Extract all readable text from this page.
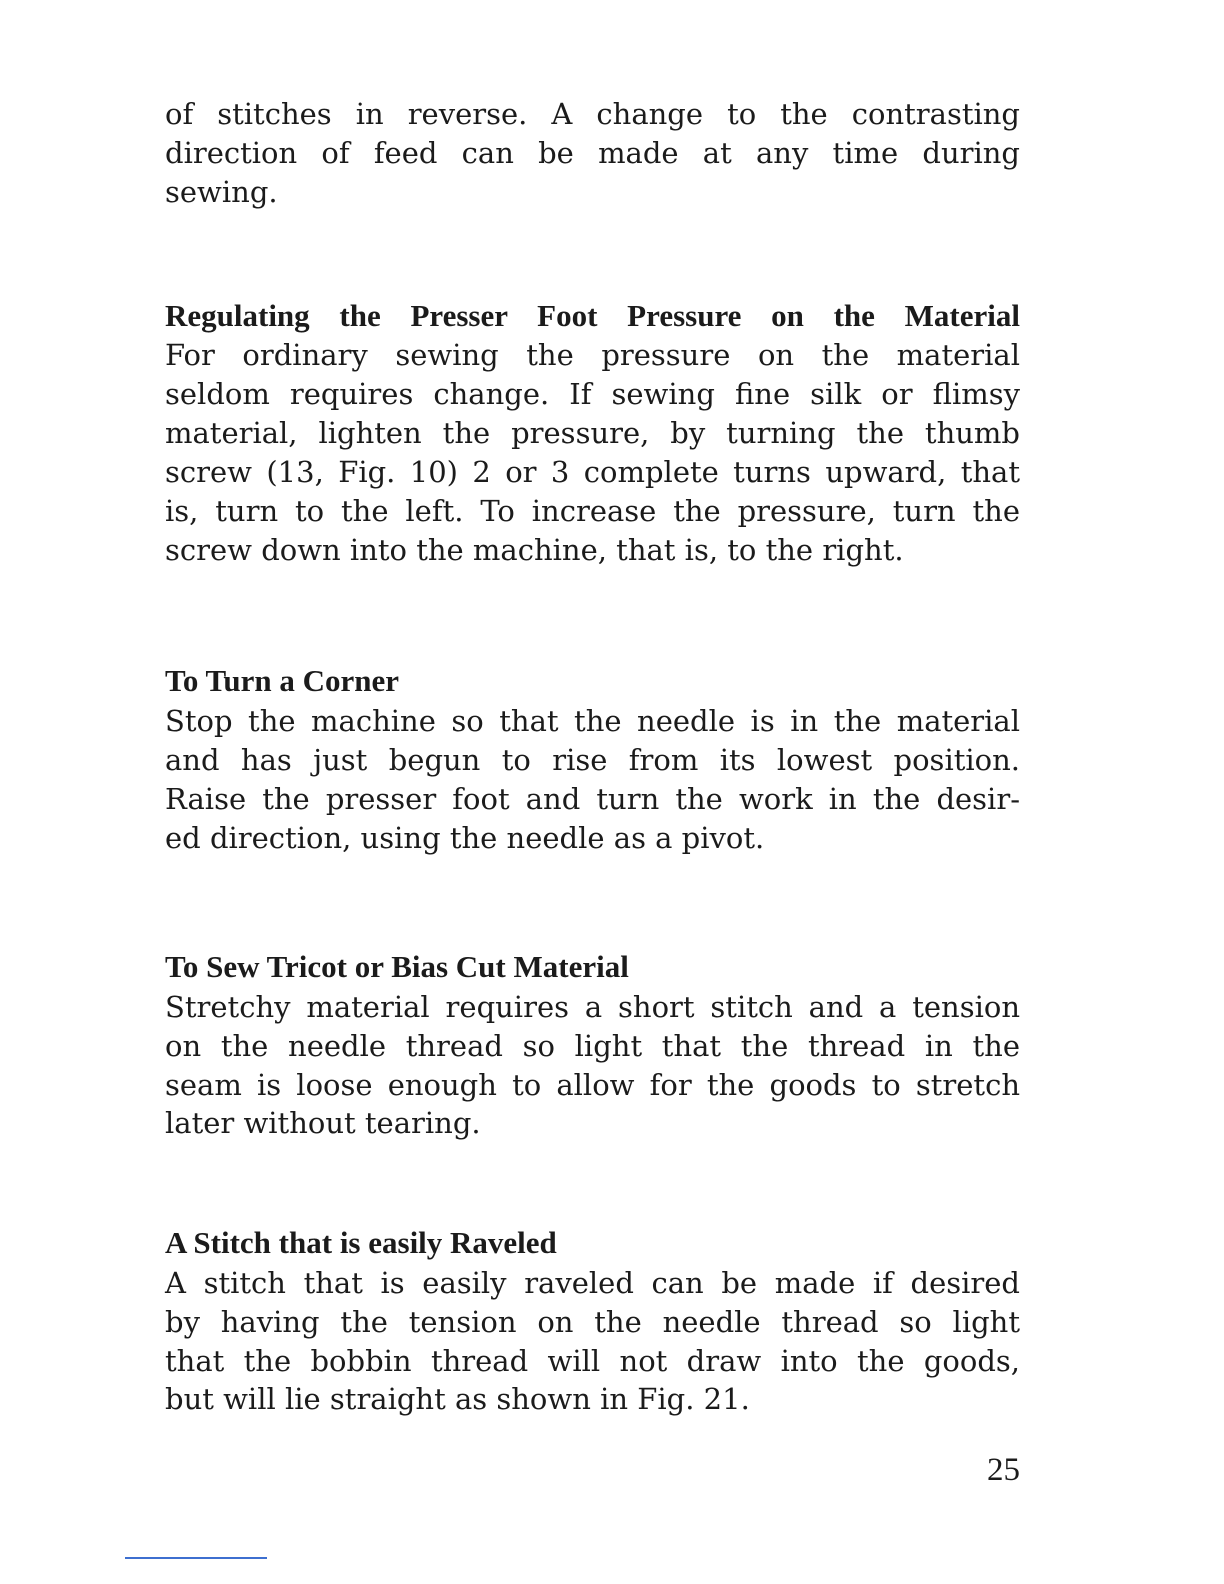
of stitches in reverse. A change to the contrasting
direction of feed can be made at any time during
sewing.
Regulating the Presser Foot Pressure on the Material
For ordinary sewing the pressure on the material
seldom requires change. If sewing fine silk or flimsy
material, lighten the pressure, by turning the thumb
screw (13, Fig. 10) 2 or 3 complete turns upward, that
is, turn to the left. To increase the pressure, turn the
screw down into the machine, that is, to the right.
To Turn a Corner
Stop the machine so that the needle is in the material
and has just begun to rise from its lowest position.
Raise the presser foot and turn the work in the desir-
ed direction, using the needle as a pivot.
To Sew Tricot or Bias Cut Material
Stretchy material requires a short stitch and a tension
on the needle thread so light that the thread in the
seam is loose enough to allow for the goods to stretch
later without tearing.
A Stitch that is easily Raveled
A stitch that is easily raveled can be made if desired
by having the tension on the needle thread so light
that the bobbin thread will not draw into the goods,
but will lie straight as shown in Fig. 21.
25
